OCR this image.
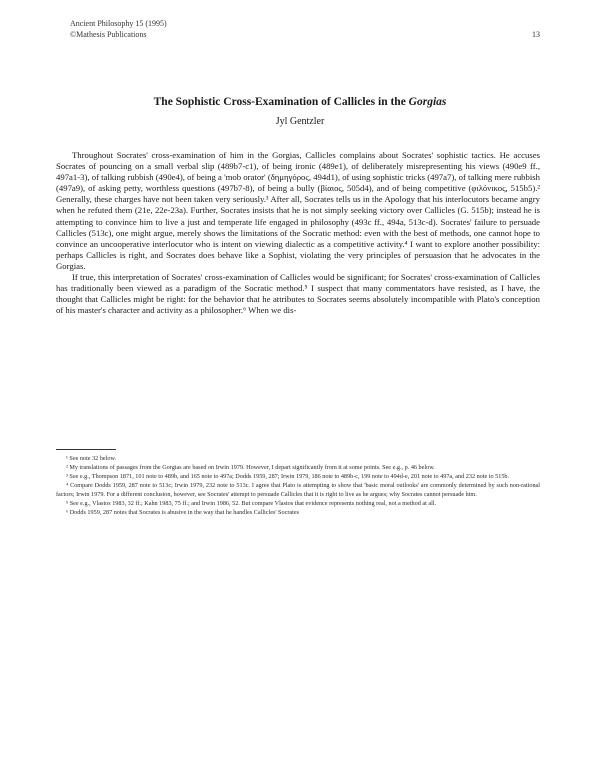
Ancient Philosophy 15 (1995)
©Mathesis Publications	13
The Sophistic Cross-Examination of Callicles in the Gorgias
Jyl Gentzler

Throughout Socrates' cross-examination of him in the Gorgias, Callicles complains about Socrates' sophistic tactics. He accuses Socrates of pouncing on a small verbal slip (489b7-c1), of being ironic (489e1), of deliberately misrepresenting his views (490e9 ff., 497a1-3), of talking rubbish (490e4), of being a 'mob orator' (δημηγόρος, 494d1), of using sophistic tricks (497a7), of talking mere rubbish (497a9), of asking petty, worthless questions (497b7-8), of being a bully (βίαιος, 505d4), and of being competitive (φιλόνικος, 515b5).² Generally, these charges have not been taken very seriously.³ After all, Socrates tells us in the Apology that his interlocutors became angry when he refuted them (21e, 22e-23a). Further, Socrates insists that he is not simply seeking victory over Callicles (G. 515b); instead he is attempting to convince him to live a just and temperate life engaged in philosophy (493c ff., 494a, 513c-d). Socrates' failure to persuade Callicles (513c), one might argue, merely shows the limitations of the Socratic method: even with the best of methods, one cannot hope to convince an uncooperative interlocutor who is intent on viewing dialectic as a competitive activity.⁴ I want to explore another possibility: perhaps Callicles is right, and Socrates does behave like a Sophist, violating the very principles of persuasion that he advocates in the Gorgias.

If true, this interpretation of Socrates' cross-examination of Callicles would be significant; for Socrates' cross-examination of Callicles has traditionally been viewed as a paradigm of the Socratic method.⁵ I suspect that many commentators have resisted, as I have, the thought that Callicles might be right: for the behavior that he attributes to Socrates seems absolutely incompatible with Plato's conception of his master's character and activity as a philosopher.⁶ When we dis-

¹ See note 32 below.

² My translations of passages from the Gorgias are based on Irwin 1979. However, I depart significantly from it at some points. See e.g., p. 46 below.

³ See e.g., Thompson 1871, 101 note to 489b, and 165 note to 497a; Dodds 1959, 287; Irwin 1979, 186 note to 489b-c, 199 note to 494d-e, 201 note to 497a, and 232 note to 515b.

⁴ Compare Dodds 1959, 287 note to 513c; Irwin 1979, 232 note to 513c. I agree that Plato is attempting to show that 'basic moral outlooks' are commonly determined by such non-rational factors; Irwin 1979. For a different conclusion, however, see Socrates' attempt to persuade Callicles that it is right to live as he argues; why Socrates cannot persuade him.

⁵ See e.g., Vlastos 1983, 32 ff.; Kahn 1983, 75 ff.; and Irwin 1986, 52. But compare Vlastos that evidence represents nothing real, not a method at all.

⁶ Dodds 1959, 287 notes that Socrates is abusive in the way that he handles Callicles' Socrates
